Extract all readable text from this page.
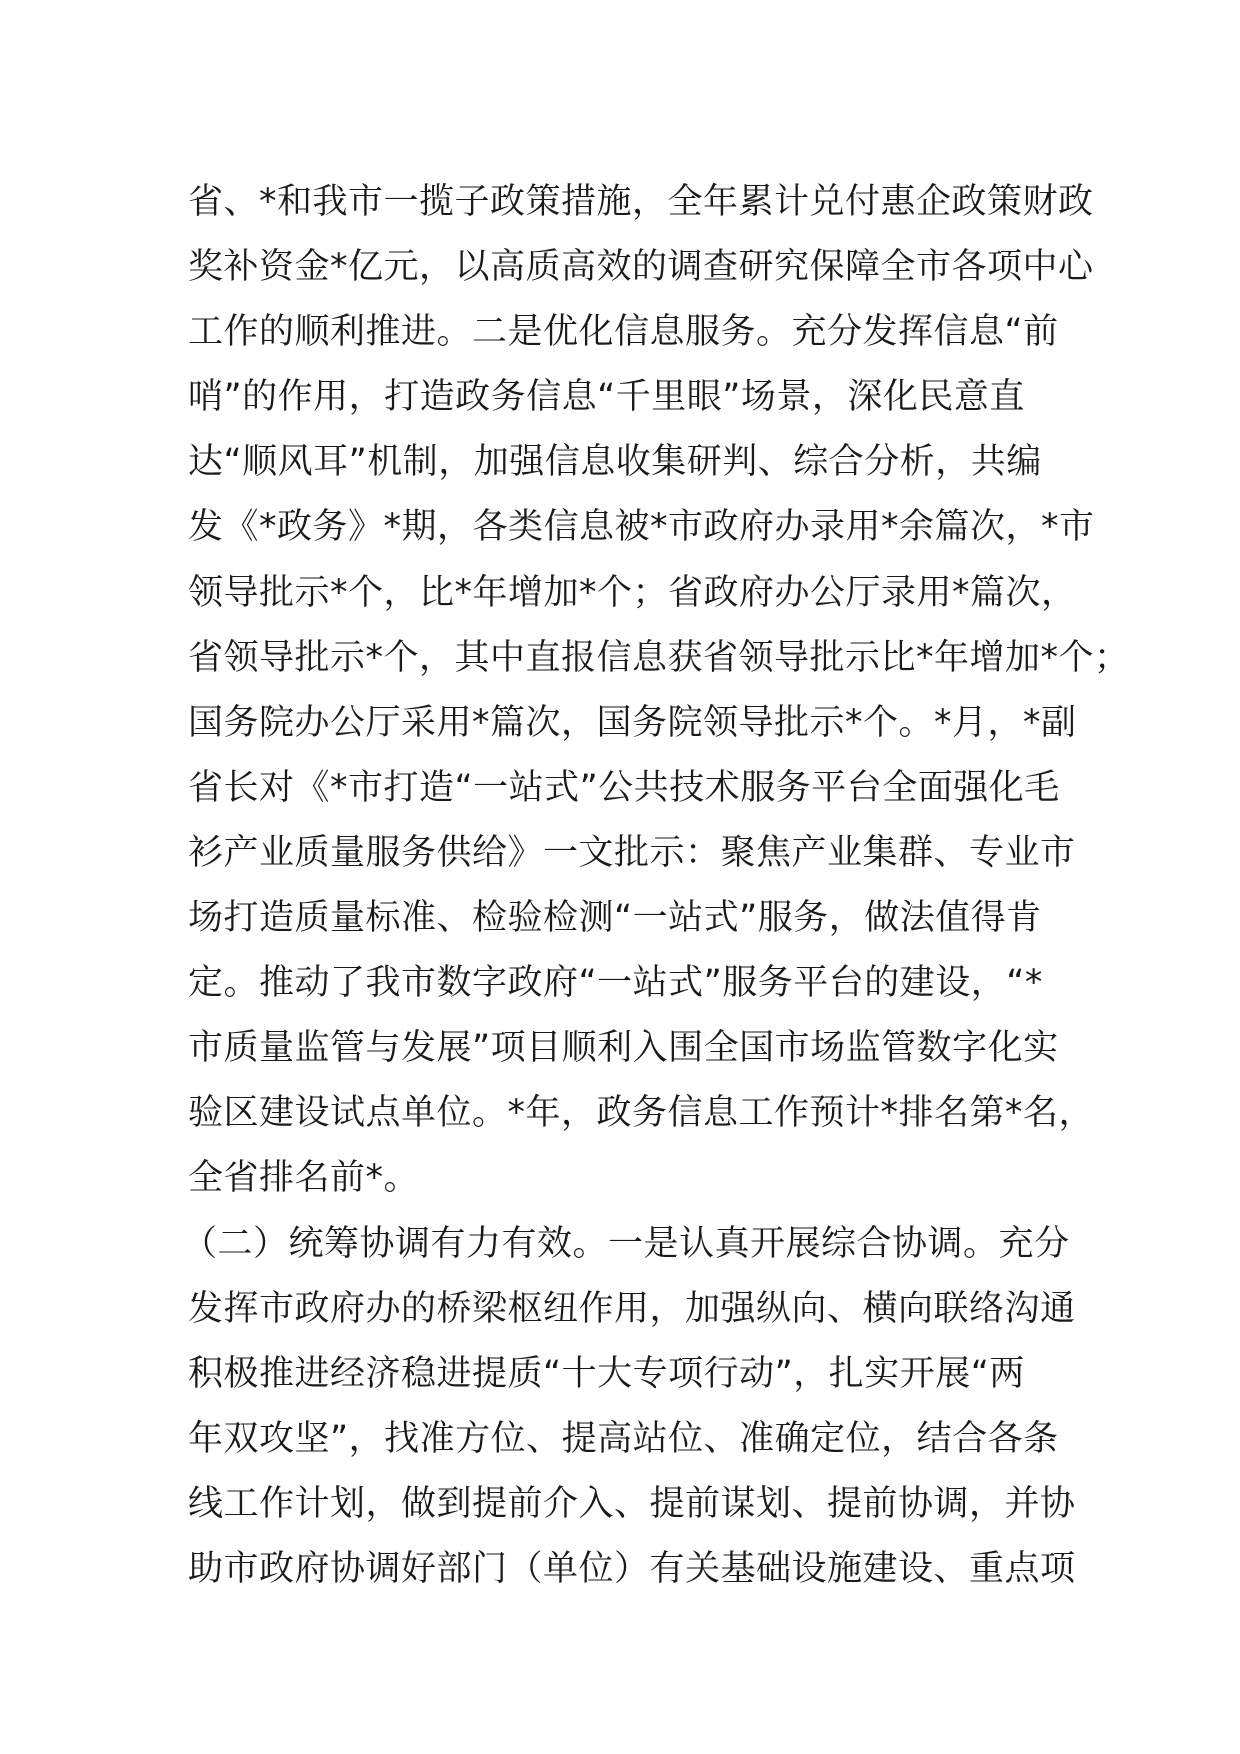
省、*和我市一揽子政策措施，全年累计兑付惠企政策财政
奖补资金*亿元，以高质高效的调查研究保障全市各项中心
工作的顺利推进。二是优化信息服务。充分发挥信息“前
哨”的作用，打造政务信息“千里眼”场景，深化民意直
达“顺风耳”机制，加强信息收集研判、综合分析，共编
发《*政务》*期，各类信息被*市政府办录用*余篇次，*市
领导批示*个，比*年增加*个；省政府办公厅录用*篇次，
省领导批示*个，其中直报信息获省领导批示比*年增加*个；
国务院办公厅采用*篇次，国务院领导批示*个。*月，*副
省长对《*市打造“一站式”公共技术服务平台全面强化毛
衫产业质量服务供给》一文批示：聚焦产业集群、专业市
场打造质量标准、检验检测“一站式”服务，做法值得肯
定。推动了我市数字政府“一站式”服务平台的建设，“*
市质量监管与发展”项目顺利入围全国市场监管数字化实
验区建设试点单位。*年，政务信息工作预计*排名第*名，
全省排名前*。
（二）统筹协调有力有效。一是认真开展综合协调。充分
发挥市政府办的桥梁枢纽作用，加强纵向、横向联络沟通
积极推进经济稳进提质“十大专项行动”，扎实开展“两
年双攻坚”，找准方位、提高站位、准确定位，结合各条
线工作计划，做到提前介入、提前谋划、提前协调，并协
助市政府协调好部门（单位）有关基础设施建设、重点项
